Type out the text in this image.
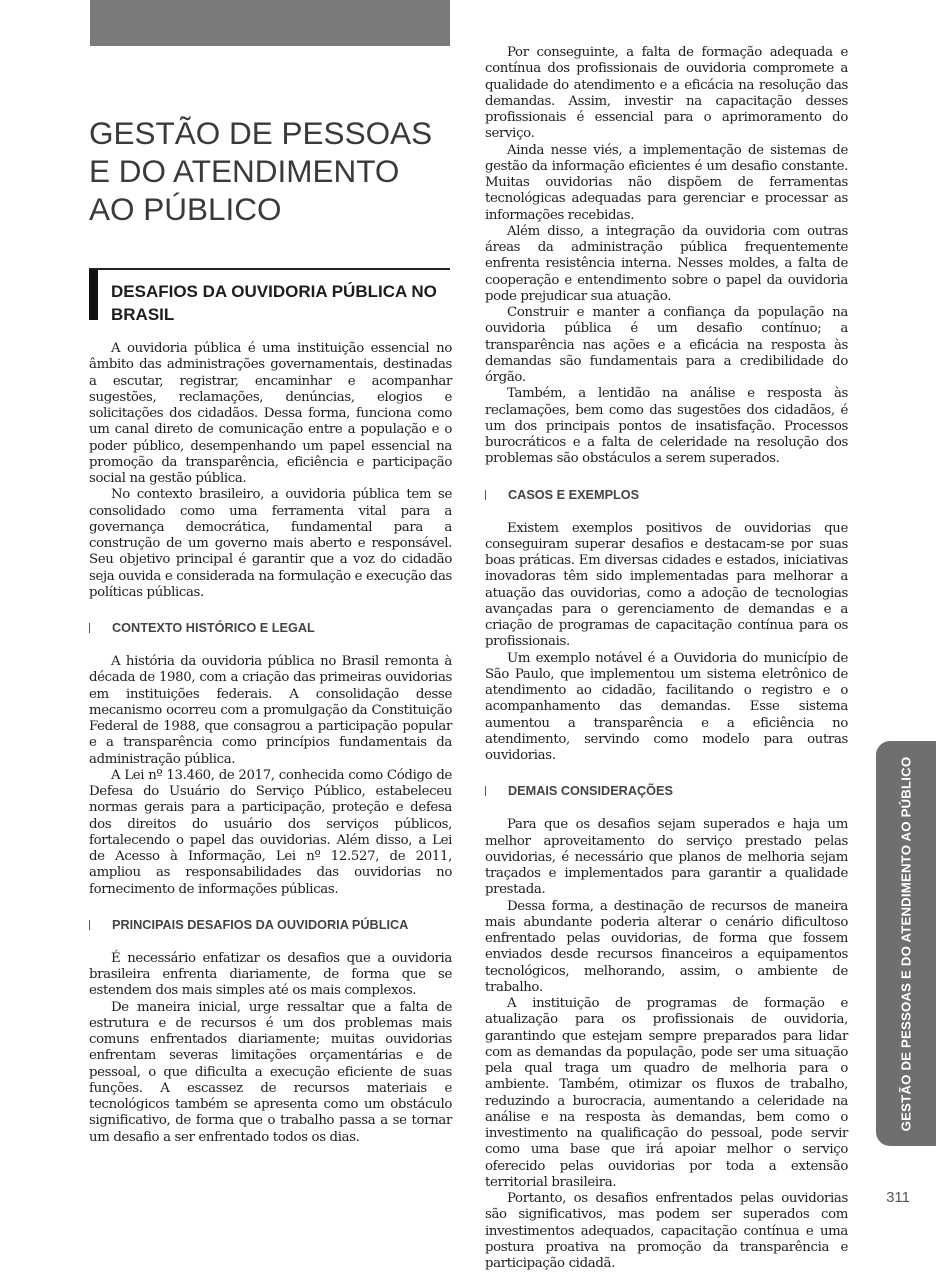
GESTÃO DE PESSOAS E DO ATENDIMENTO AO PÚBLICO
DESAFIOS DA OUVIDORIA PÚBLICA NO BRASIL

A ouvidoria pública é uma instituição essencial no âmbito das administrações governamentais, destinadas a escutar, registrar, encaminhar e acompanhar sugestões, reclamações, denúncias, elogios e solicitações dos cidadãos. Dessa forma, funciona como um canal direto de comunicação entre a população e o poder público, desempenhando um papel essencial na promoção da transparência, eficiência e participação social na gestão pública.

No contexto brasileiro, a ouvidoria pública tem se consolidado como uma ferramenta vital para a governança democrática, fundamental para a construção de um governo mais aberto e responsável. Seu objetivo principal é garantir que a voz do cidadão seja ouvida e considerada na formulação e execução das políticas públicas.

CONTEXTO HISTÓRICO E LEGAL

A história da ouvidoria pública no Brasil remonta à década de 1980, com a criação das primeiras ouvidorias em instituições federais. A consolidação desse mecanismo ocorreu com a promulgação da Constituição Federal de 1988, que consagrou a participação popular e a transparência como princípios fundamentais da administração pública.

A Lei nº 13.460, de 2017, conhecida como Código de Defesa do Usuário do Serviço Público, estabeleceu normas gerais para a participação, proteção e defesa dos direitos do usuário dos serviços públicos, fortalecendo o papel das ouvidorias. Além disso, a Lei de Acesso à Informação, Lei nº 12.527, de 2011, ampliou as responsabilidades das ouvidorias no fornecimento de informações públicas.

PRINCIPAIS DESAFIOS DA OUVIDORIA PÚBLICA

É necessário enfatizar os desafios que a ouvidoria brasileira enfrenta diariamente, de forma que se estendem dos mais simples até os mais complexos.

De maneira inicial, urge ressaltar que a falta de estrutura e de recursos é um dos problemas mais comuns enfrentados diariamente; muitas ouvidorias enfrentam severas limitações orçamentárias e de pessoal, o que dificulta a execução eficiente de suas funções. A escassez de recursos materiais e tecnológicos também se apresenta como um obstáculo significativo, de forma que o trabalho passa a se tornar um desafio a ser enfrentado todos os dias.

Por conseguinte, a falta de formação adequada e contínua dos profissionais de ouvidoria compromete a qualidade do atendimento e a eficácia na resolução das demandas. Assim, investir na capacitação desses profissionais é essencial para o aprimoramento do serviço.

Ainda nesse viés, a implementação de sistemas de gestão da informação eficientes é um desafio constante. Muitas ouvidorias não dispõem de ferramentas tecnológicas adequadas para gerenciar e processar as informações recebidas.

Além disso, a integração da ouvidoria com outras áreas da administração pública frequentemente enfrenta resistência interna. Nesses moldes, a falta de cooperação e entendimento sobre o papel da ouvidoria pode prejudicar sua atuação.

Construir e manter a confiança da população na ouvidoria pública é um desafio contínuo; a transparência nas ações e a eficácia na resposta às demandas são fundamentais para a credibilidade do órgão.

Também, a lentidão na análise e resposta às reclamações, bem como das sugestões dos cidadãos, é um dos principais pontos de insatisfação. Processos burocráticos e a falta de celeridade na resolução dos problemas são obstáculos a serem superados.

CASOS E EXEMPLOS

Existem exemplos positivos de ouvidorias que conseguiram superar desafios e destacam-se por suas boas práticas. Em diversas cidades e estados, iniciativas inovadoras têm sido implementadas para melhorar a atuação das ouvidorias, como a adoção de tecnologias avançadas para o gerenciamento de demandas e a criação de programas de capacitação contínua para os profissionais.

Um exemplo notável é a Ouvidoria do município de São Paulo, que implementou um sistema eletrônico de atendimento ao cidadão, facilitando o registro e o acompanhamento das demandas. Esse sistema aumentou a transparência e a eficiência no atendimento, servindo como modelo para outras ouvidorias.

DEMAIS CONSIDERAÇÕES

Para que os desafios sejam superados e haja um melhor aproveitamento do serviço prestado pelas ouvidorias, é necessário que planos de melhoria sejam traçados e implementados para garantir a qualidade prestada.

Dessa forma, a destinação de recursos de maneira mais abundante poderia alterar o cenário dificultoso enfrentado pelas ouvidorias, de forma que fossem enviados desde recursos financeiros a equipamentos tecnológicos, melhorando, assim, o ambiente de trabalho.

A instituição de programas de formação e atualização para os profissionais de ouvidoria, garantindo que estejam sempre preparados para lidar com as demandas da população, pode ser uma situação pela qual traga um quadro de melhoria para o ambiente. Também, otimizar os fluxos de trabalho, reduzindo a burocracia, aumentando a celeridade na análise e na resposta às demandas, bem como o investimento na qualificação do pessoal, pode servir como uma base que irá apoiar melhor o serviço oferecido pelas ouvidorias por toda a extensão territorial brasileira.

Portanto, os desafios enfrentados pelas ouvidorias são significativos, mas podem ser superados com investimentos adequados, capacitação contínua e uma postura proativa na promoção da transparência e participação cidadã.

GESTÃO DE PESSOAS E DO ATENDIMENTO AO PÚBLICO
311
